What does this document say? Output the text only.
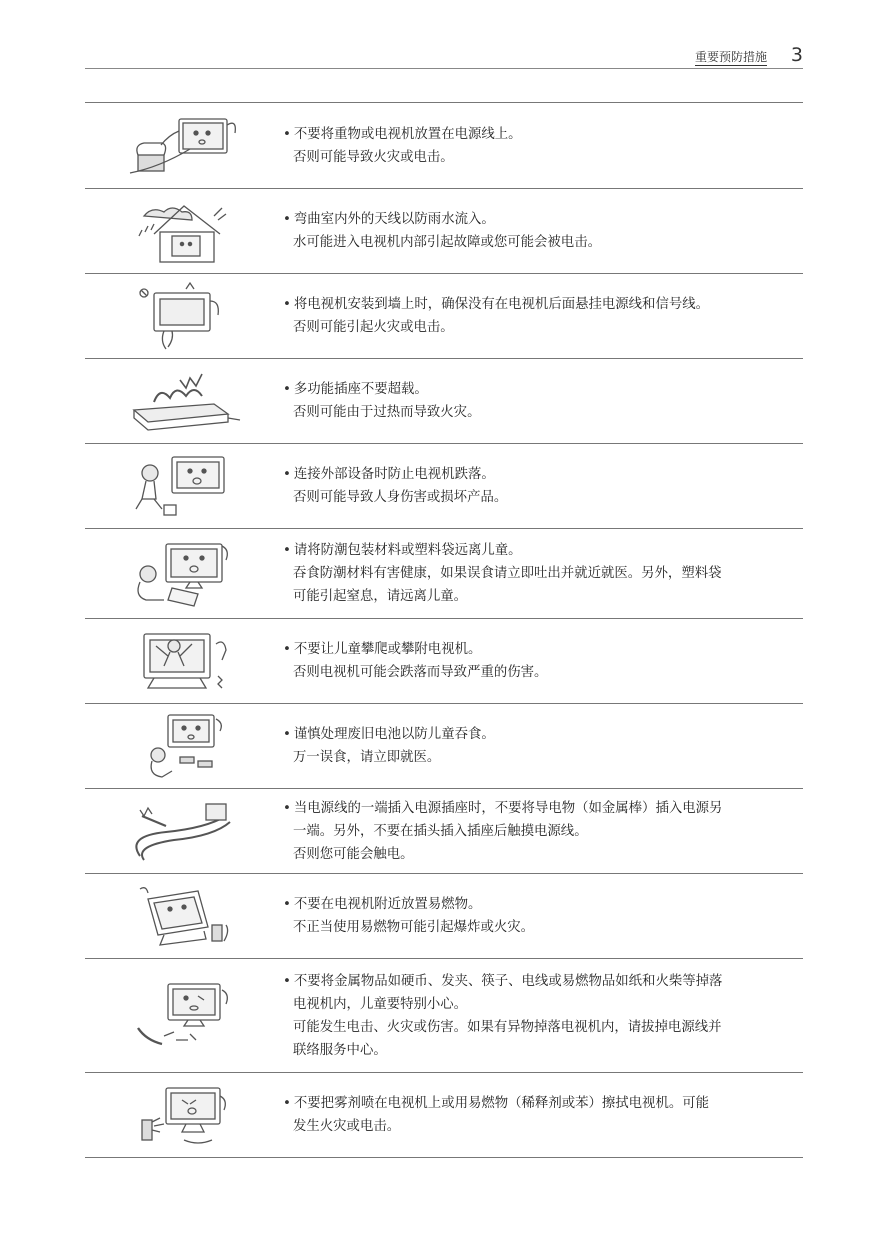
重要预防措施 3
• 不要将重物或电视机放置在电源线上。
否则可能导致火灾或电击。
• 弯曲室内外的天线以防雨水流入。
水可能进入电视机内部引起故障或您可能会被电击。
• 将电视机安装到墙上时，确保没有在电视机后面悬挂电源线和信号线。
否则可能引起火灾或电击。
• 多功能插座不要超载。
否则可能由于过热而导致火灾。
• 连接外部设备时防止电视机跌落。
否则可能导致人身伤害或损坏产品。
• 请将防潮包装材料或塑料袋远离儿童。
吞食防潮材料有害健康，如果误食请立即吐出并就近就医。另外，塑料袋
可能引起窒息，请远离儿童。
• 不要让儿童攀爬或攀附电视机。
否则电视机可能会跌落而导致严重的伤害。
• 谨慎处理废旧电池以防儿童吞食。
万一误食，请立即就医。
• 当电源线的一端插入电源插座时，不要将导电物（如金属棒）插入电源另
一端。另外，不要在插头插入插座后触摸电源线。
否则您可能会触电。
• 不要在电视机附近放置易燃物。
不正当使用易燃物可能引起爆炸或火灾。
• 不要将金属物品如硬币、发夹、筷子、电线或易燃物品如纸和火柴等掉落
电视机内，儿童要特别小心。
可能发生电击、火灾或伤害。如果有异物掉落电视机内，请拔掉电源线并
联络服务中心。
• 不要把雾剂喷在电视机上或用易燃物（稀释剂或苯）擦拭电视机。可能
发生火灾或电击。
